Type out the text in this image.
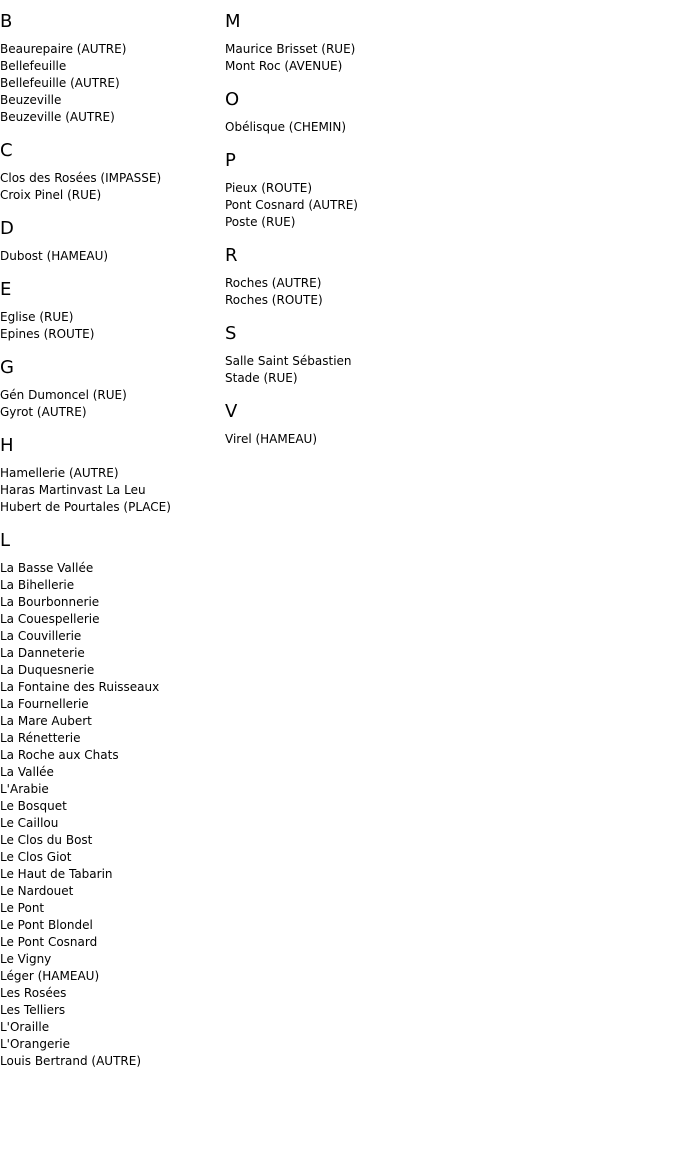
B
Beaurepaire (AUTRE)
Bellefeuille
Bellefeuille (AUTRE)
Beuzeville
Beuzeville (AUTRE)
C
Clos des Rosées (IMPASSE)
Croix Pinel (RUE)
D
Dubost (HAMEAU)
E
Eglise (RUE)
Epines (ROUTE)
G
Gén Dumoncel (RUE)
Gyrot (AUTRE)
H
Hamellerie (AUTRE)
Haras Martinvast La Leu
Hubert de Pourtales (PLACE)
L
La Basse Vallée
La Bihellerie
La Bourbonnerie
La Couespellerie
La Couvillerie
La Danneterie
La Duquesnerie
La Fontaine des Ruisseaux
La Fournellerie
La Mare Aubert
La Rénetterie
La Roche aux Chats
La Vallée
L'Arabie
Le Bosquet
Le Caillou
Le Clos du Bost
Le Clos Giot
Le Haut de Tabarin
Le Nardouet
Le Pont
Le Pont Blondel
Le Pont Cosnard
Le Vigny
Léger (HAMEAU)
Les Rosées
Les Telliers
L'Oraille
L'Orangerie
Louis Bertrand (AUTRE)
M
Maurice Brisset (RUE)
Mont Roc (AVENUE)
O
Obélisque (CHEMIN)
P
Pieux (ROUTE)
Pont Cosnard (AUTRE)
Poste (RUE)
R
Roches (AUTRE)
Roches (ROUTE)
S
Salle Saint Sébastien
Stade (RUE)
V
Virel (HAMEAU)
